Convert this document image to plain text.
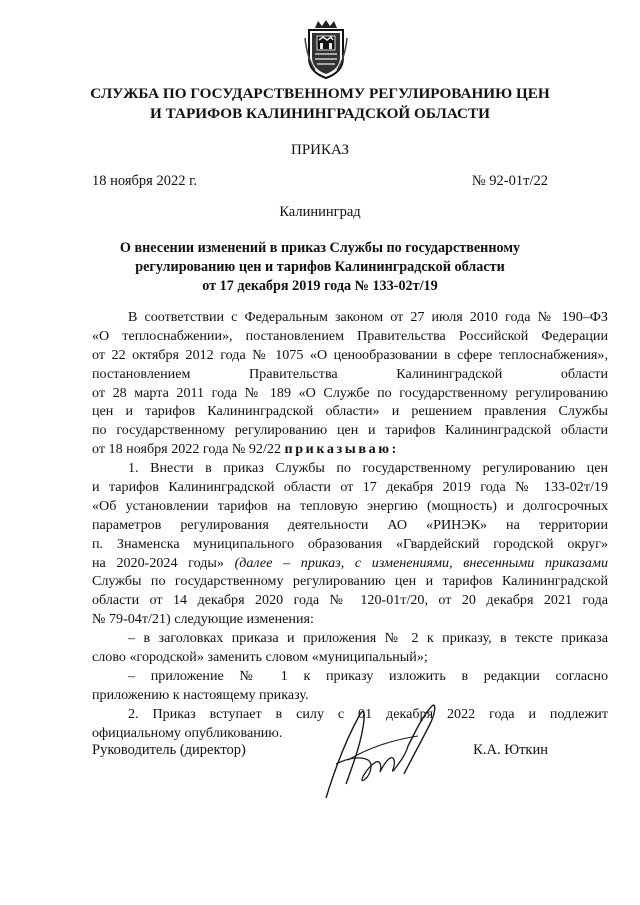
СЛУЖБА ПО ГОСУДАРСТВЕННОМУ РЕГУЛИРОВАНИЮ ЦЕН
И ТАРИФОВ КАЛИНИНГРАДСКОЙ ОБЛАСТИ
ПРИКАЗ
18 ноября 2022 г.	№ 92-01т/22
Калининград
О внесении изменений в приказ Службы по государственному
регулированию цен и тарифов Калининградской области
от 17 декабря 2019 года № 133-02т/19
В соответствии с Федеральным законом от 27 июля 2010 года № 190–ФЗ
«О теплоснабжении», постановлением Правительства Российской Федерации
от 22 октября 2012 года № 1075 «О ценообразовании в сфере теплоснабжения»,
постановлением Правительства Калининградской области
от 28 марта 2011 года № 189 «О Службе по государственному регулированию
цен и тарифов Калининградской области» и решением правления Службы
по государственному регулированию цен и тарифов Калининградской области
от 18 ноября 2022 года № 92/22 приказываю:
1. Внести в приказ Службы по государственному регулированию цен
и тарифов Калининградской области от 17 декабря 2019 года № 133-02т/19
«Об установлении тарифов на тепловую энергию (мощность) и долгосрочных
параметров регулирования деятельности АО «РИНЭК» на территории
п. Знаменска муниципального образования «Гвардейский городской округ»
на 2020-2024 годы» (далее – приказ, с изменениями, внесенными приказами
Службы по государственному регулированию цен и тарифов Калининградской
области от 14 декабря 2020 года № 120-01т/20, от 20 декабря 2021 года
№ 79-04т/21) следующие изменения:
– в заголовках приказа и приложения № 2 к приказу, в тексте приказа
слово «городской» заменить словом «муниципальный»;
– приложение № 1 к приказу изложить в редакции согласно
приложению к настоящему приказу.
2. Приказ вступает в силу с 01 декабря 2022 года и подлежит
официальному опубликованию.
Руководитель (директор)	К.А. Юткин
